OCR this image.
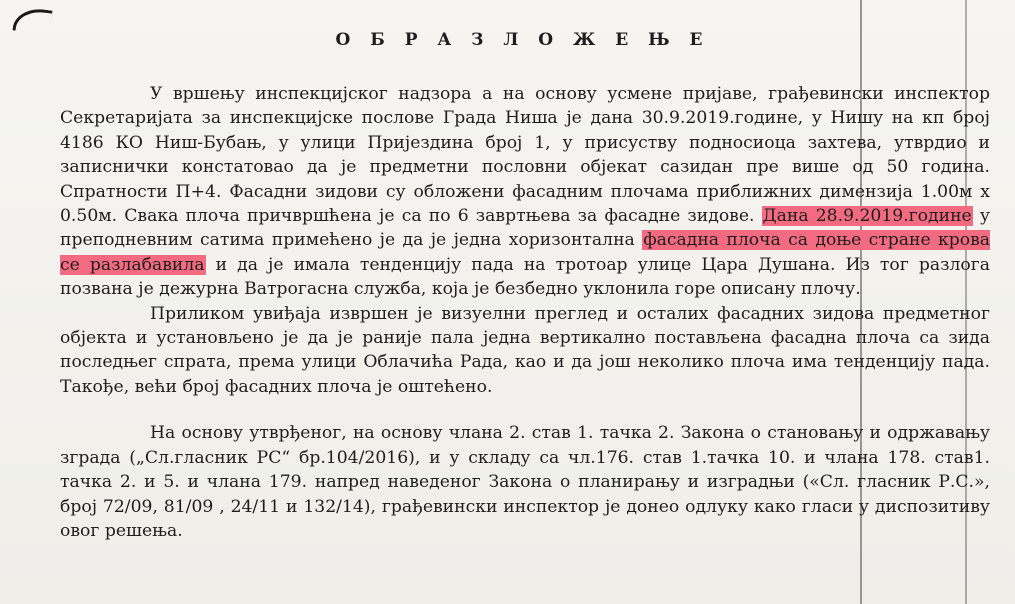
О Б Р А З Л О Ж Е Њ Е

У вршењу инспекцијског надзора а на основу усмене пријаве, грађевински инспектор Секретаријата за инспекцијске послове Града Ниша је дана 30.9.2019.године, у Нишу на кп број 4186 КО Ниш-Бубањ, у улици Пријездина број 1, у присуству подносиоца захтева, утврдио и записнички констатовао да је предметни пословни објекат сазидан пре више од 50 година. Спратности П+4. Фасадни зидови су обложени фасадним плочама приближних димензија 1.00м x 0.50м. Свака плоча причвршћена је са по 6 завртњева за фасадне зидове. Дана 28.9.2019.године у преподневним сатима примећено је да је једна хоризонтална фасадна плоча са доње стране крова се разлабавила и да је имала тенденцију пада на тротоар улице Цара Душана. Из тог разлога позвана је дежурна Ватрогасна служба, која је безбедно уклонила горе описану плочу.

Приликом увиђаја извршен је визуелни преглед и осталих фасадних зидова предметног објекта и установљено је да је раније пала једна вертикално постављена фасадна плоча са зида последњег спрата, према улици Облачића Рада, као и да још неколико плоча има тенденцију пада. Такође, већи број фасадних плоча је оштећено.

На основу утврђеног, на основу члана 2. став 1. тачка 2. Закона о становању и одржавању зграда („Сл.гласник РС“ бр.104/2016), и у складу са чл.176. став 1.тачка 10. и члана 178. став1. тачка 2. и 5. и члана 179. напред наведеног Закона о планирању и изградњи («Сл. гласник Р.С.», број 72/09, 81/09 , 24/11 и 132/14), грађевински инспектор је донео одлуку како гласи у диспозитиву овог решења.
